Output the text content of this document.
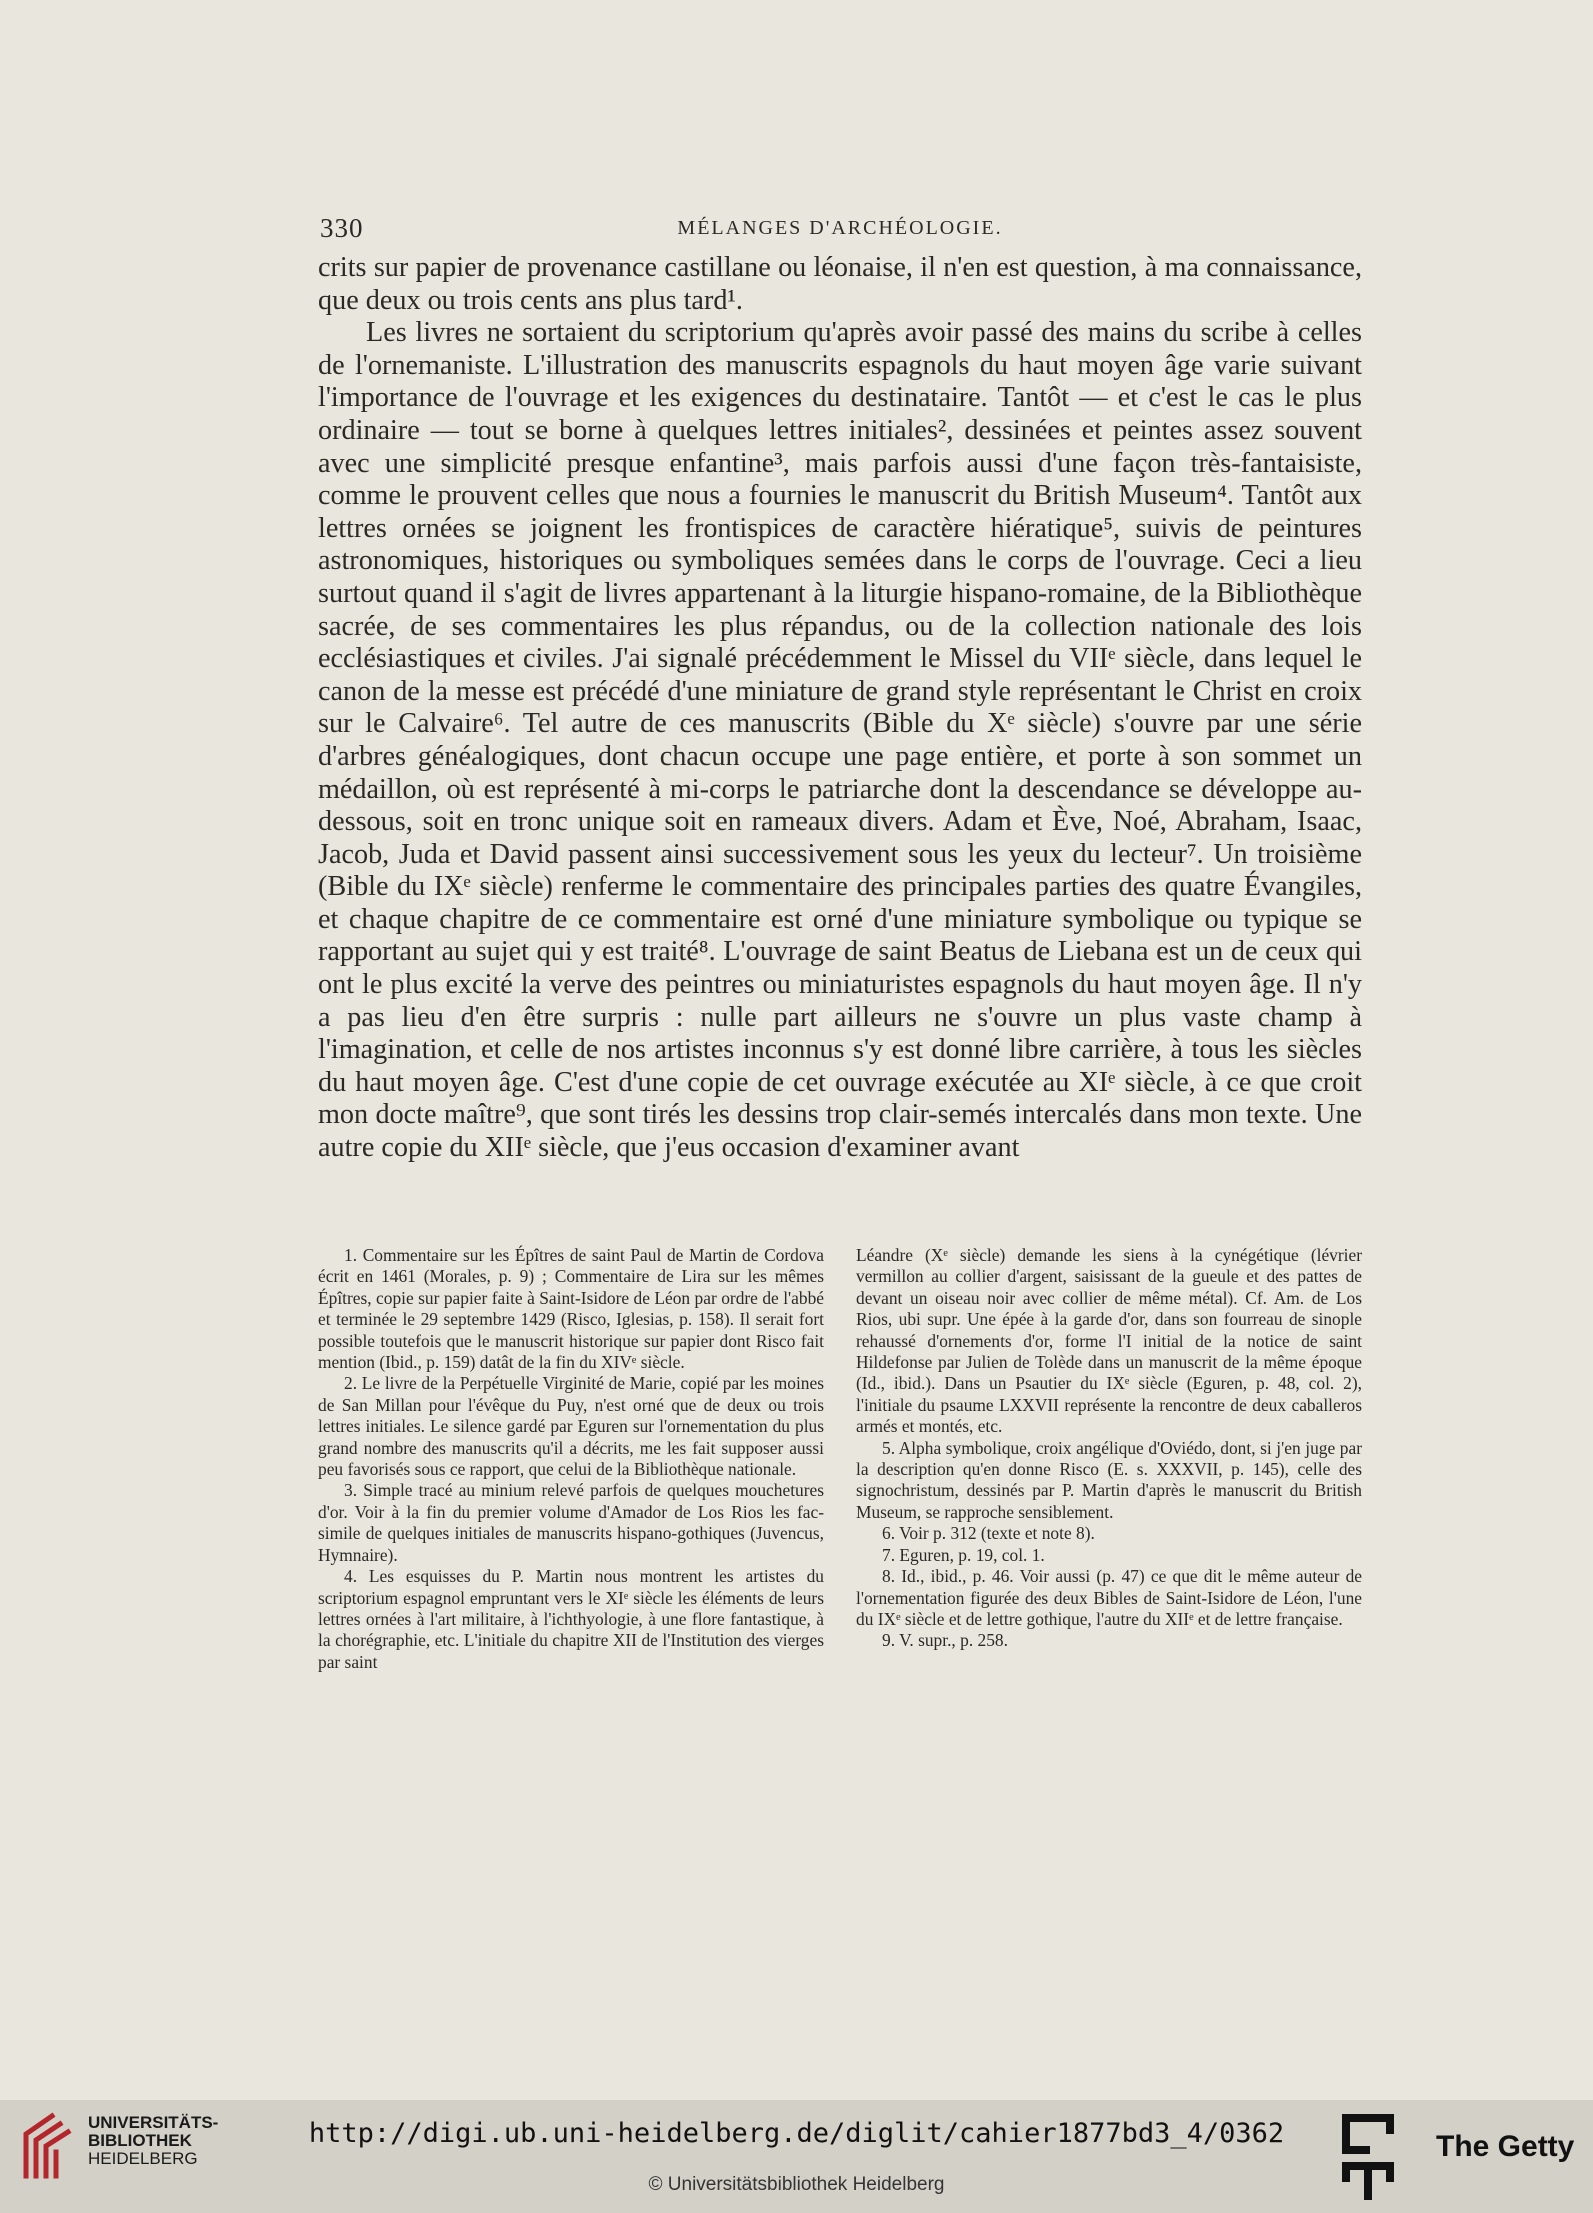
330	MÉLANGES D'ARCHÉOLOGIE.

crits sur papier de provenance castillane ou léonaise, il n'en est question, à ma connaissance, que deux ou trois cents ans plus tard¹.

Les livres ne sortaient du scriptorium qu'après avoir passé des mains du scribe à celles de l'ornemaniste. L'illustration des manuscrits espagnols du haut moyen âge varie suivant l'importance de l'ouvrage et les exigences du destinataire. Tantôt — et c'est le cas le plus ordinaire — tout se borne à quelques lettres initiales², dessinées et peintes assez souvent avec une simplicité presque enfantine³, mais parfois aussi d'une façon très-fantaisiste, comme le prouvent celles que nous a fournies le manuscrit du British Museum⁴. Tantôt aux lettres ornées se joignent les frontispices de caractère hiératique⁵, suivis de peintures astronomiques, historiques ou symboliques semées dans le corps de l'ouvrage. Ceci a lieu surtout quand il s'agit de livres appartenant à la liturgie hispano-romaine, de la Bibliothèque sacrée, de ses commentaires les plus répandus, ou de la collection nationale des lois ecclésiastiques et civiles. J'ai signalé précédemment le Missel du VIIᵉ siècle, dans lequel le canon de la messe est précédé d'une miniature de grand style représentant le Christ en croix sur le Calvaire⁶. Tel autre de ces manuscrits (Bible du Xᵉ siècle) s'ouvre par une série d'arbres généalogiques, dont chacun occupe une page entière, et porte à son sommet un médaillon, où est représenté à mi-corps le patriarche dont la descendance se développe au-dessous, soit en tronc unique soit en rameaux divers. Adam et Ève, Noé, Abraham, Isaac, Jacob, Juda et David passent ainsi successivement sous les yeux du lecteur⁷. Un troisième (Bible du IXᵉ siècle) renferme le commentaire des principales parties des quatre Évangiles, et chaque chapitre de ce commentaire est orné d'une miniature symbolique ou typique se rapportant au sujet qui y est traité⁸. L'ouvrage de saint Beatus de Liebana est un de ceux qui ont le plus excité la verve des peintres ou miniaturistes espagnols du haut moyen âge. Il n'y a pas lieu d'en être surpris : nulle part ailleurs ne s'ouvre un plus vaste champ à l'imagination, et celle de nos artistes inconnus s'y est donné libre carrière, à tous les siècles du haut moyen âge. C'est d'une copie de cet ouvrage exécutée au XIᵉ siècle, à ce que croit mon docte maître⁹, que sont tirés les dessins trop clair-semés intercalés dans mon texte. Une autre copie du XIIᵉ siècle, que j'eus occasion d'examiner avant

1. Commentaire sur les Épîtres de saint Paul de Martin de Cordova écrit en 1461 (Morales, p. 9) ; Commentaire de Lira sur les mêmes Épîtres, copie sur papier faite à Saint-Isidore de Léon par ordre de l'abbé et terminée le 29 septembre 1429 (Risco, Iglesias, p. 158). Il serait fort possible toutefois que le manuscrit historique sur papier dont Risco fait mention (Ibid., p. 159) datât de la fin du XIVᵉ siècle.

2. Le livre de la Perpétuelle Virginité de Marie, copié par les moines de San Millan pour l'évêque du Puy, n'est orné que de deux ou trois lettres initiales. Le silence gardé par Eguren sur l'ornementation du plus grand nombre des manuscrits qu'il a décrits, me les fait supposer aussi peu favorisés sous ce rapport, que celui de la Bibliothèque nationale.

3. Simple tracé au minium relevé parfois de quelques mouchetures d'or. Voir à la fin du premier volume d'Amador de Los Rios les fac-simile de quelques initiales de manuscrits hispano-gothiques (Juvencus, Hymnaire).

4. Les esquisses du P. Martin nous montrent les artistes du scriptorium espagnol empruntant vers le XIᵉ siècle les éléments de leurs lettres ornées à l'art militaire, à l'ichthyologie, à une flore fantastique, à la chorégraphie, etc. L'initiale du chapitre XII de l'Institution des vierges par saint

Léandre (Xᵉ siècle) demande les siens à la cynégétique (lévrier vermillon au collier d'argent, saisissant de la gueule et des pattes de devant un oiseau noir avec collier de même métal). Cf. Am. de Los Rios, ubi supr. Une épée à la garde d'or, dans son fourreau de sinople rehaussé d'ornements d'or, forme l'I initial de la notice de saint Hildefonse par Julien de Tolède dans un manuscrit de la même époque (Id., ibid.). Dans un Psautier du IXᵉ siècle (Eguren, p. 48, col. 2), l'initiale du psaume LXXVII représente la rencontre de deux caballeros armés et montés, etc.

5. Alpha symbolique, croix angélique d'Oviédo, dont, si j'en juge par la description qu'en donne Risco (E. s. XXXVII, p. 145), celle des signochristum, dessinés par P. Martin d'après le manuscrit du British Museum, se rapproche sensiblement.

6. Voir p. 312 (texte et note 8).

7. Eguren, p. 19, col. 1.

8. Id., ibid., p. 46. Voir aussi (p. 47) ce que dit le même auteur de l'ornementation figurée des deux Bibles de Saint-Isidore de Léon, l'une du IXᵉ siècle et de lettre gothique, l'autre du XIIᵉ et de lettre française.

9. V. supr., p. 258.

UNIVERSITÄTS-
BIBLIOTHEK
HEIDELBERG
http://digi.ub.uni-heidelberg.de/diglit/cahier1877bd3_4/0362
© Universitätsbibliothek Heidelberg
The Getty
